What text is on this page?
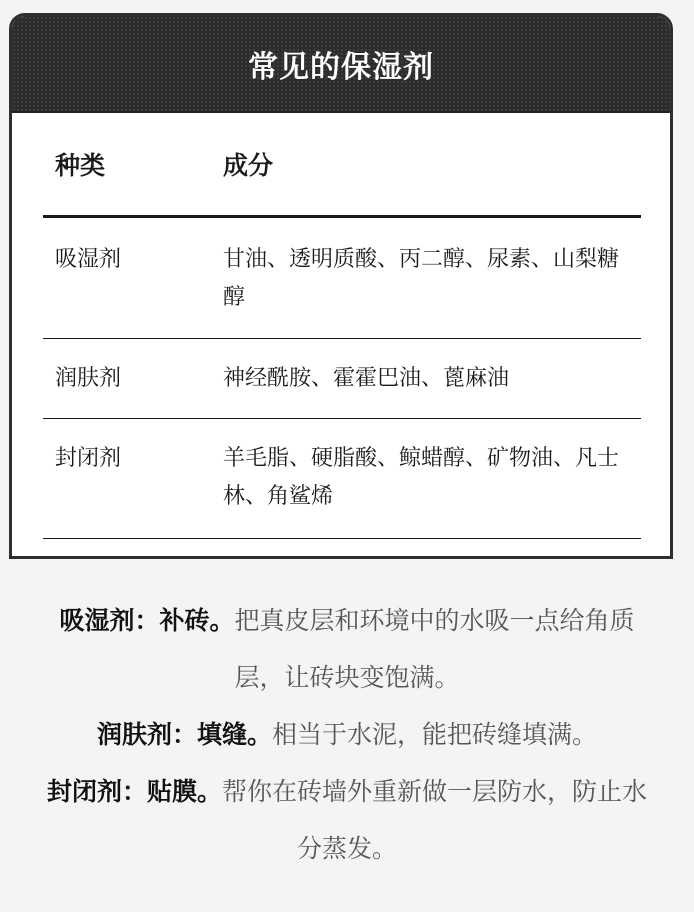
常见的保湿剂
种类	成分
吸湿剂	甘油、透明质酸、丙二醇、尿素、山梨糖醇
润肤剂	神经酰胺、霍霍巴油、蓖麻油
封闭剂	羊毛脂、硬脂酸、鲸蜡醇、矿物油、凡士林、角鲨烯
吸湿剂：补砖。把真皮层和环境中的水吸一点给角质层，让砖块变饱满。
润肤剂：填缝。相当于水泥，能把砖缝填满。
封闭剂：贴膜。帮你在砖墙外重新做一层防水，防止水分蒸发。
